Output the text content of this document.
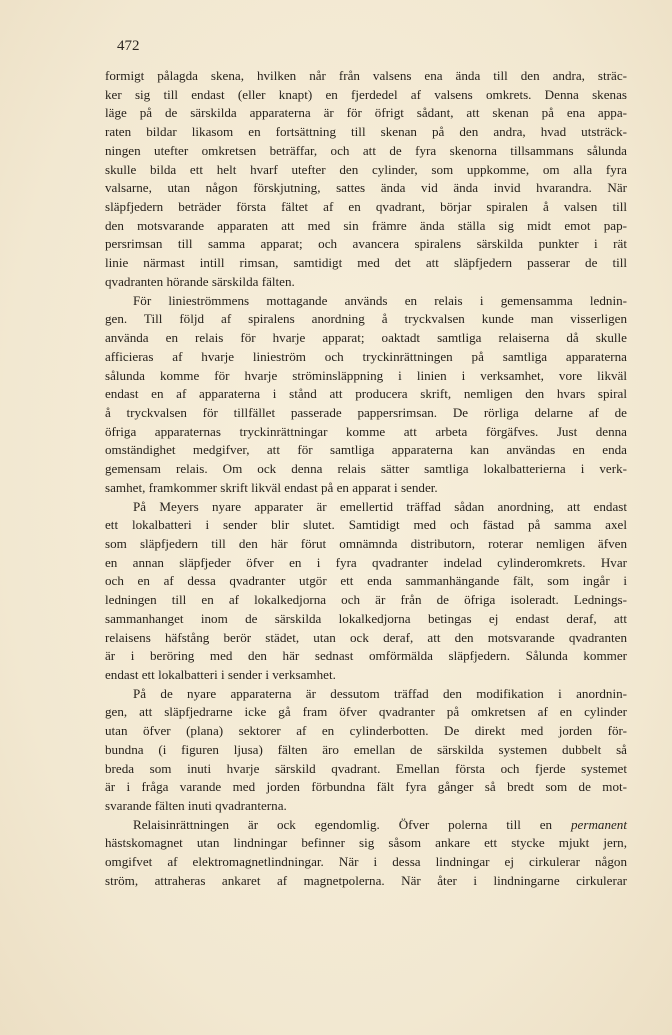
472
formigt pålagda skena, hvilken når från valsens ena ända till den andra, sträc-
ker sig till endast (eller knapt) en fjerdedel af valsens omkrets. Denna skenas
läge på de särskilda apparaterna är för öfrigt sådant, att skenan på ena appa-
raten bildar likasom en fortsättning till skenan på den andra, hvad utsträck-
ningen utefter omkretsen beträffar, och att de fyra skenorna tillsammans sålunda
skulle bilda ett helt hvarf utefter den cylinder, som uppkomme, om alla fyra
valsarne, utan någon förskjutning, sattes ända vid ända invid hvarandra. När
släpfjedern beträder första fältet af en qvadrant, börjar spiralen å valsen till
den motsvarande apparaten att med sin främre ända ställa sig midt emot pap-
persrimsan till samma apparat; och avancera spiralens särskilda punkter i rät
linie närmast intill rimsan, samtidigt med det att släpfjedern passerar de till
qvadranten hörande särskilda fälten.
För linieströmmens mottagande används en relais i gemensamma lednin-
gen. Till följd af spiralens anordning å tryckvalsen kunde man visserligen
använda en relais för hvarje apparat; oaktadt samtliga relaiserna då skulle
afficieras af hvarje linieström och tryckinrättningen på samtliga apparaterna
sålunda komme för hvarje ströminsläppning i linien i verksamhet, vore likväl
endast en af apparaterna i stånd att producera skrift, nemligen den hvars spiral
å tryckvalsen för tillfället passerade pappersrimsan. De rörliga delarne af de
öfriga apparaternas tryckinrättningar komme att arbeta förgäfves. Just denna
omständighet medgifver, att för samtliga apparaterna kan användas en enda
gemensam relais. Om ock denna relais sätter samtliga lokalbatterierna i verk-
samhet, framkommer skrift likväl endast på en apparat i sender.
På Meyers nyare apparater är emellertid träffad sådan anordning, att endast
ett lokalbatteri i sender blir slutet. Samtidigt med och fästad på samma axel
som släpfjedern till den här förut omnämnda distributorn, roterar nemligen äfven
en annan släpfjeder öfver en i fyra qvadranter indelad cylinderomkrets. Hvar
och en af dessa qvadranter utgör ett enda sammanhängande fält, som ingår i
ledningen till en af lokalkedjorna och är från de öfriga isoleradt. Lednings-
sammanhanget inom de särskilda lokalkedjorna betingas ej endast deraf, att
relaisens häfstång berör städet, utan ock deraf, att den motsvarande qvadranten
är i beröring med den här sednast omförmälda släpfjedern. Sålunda kommer
endast ett lokalbatteri i sender i verksamhet.
På de nyare apparaterna är dessutom träffad den modifikation i anordnin-
gen, att släpfjedrarne icke gå fram öfver qvadranter på omkretsen af en cylinder
utan öfver (plana) sektorer af en cylinderbotten. De direkt med jorden för-
bundna (i figuren ljusa) fälten äro emellan de särskilda systemen dubbelt så
breda som inuti hvarje särskild qvadrant. Emellan första och fjerde systemet
är i fråga varande med jorden förbundna fält fyra gånger så bredt som de mot-
svarande fälten inuti qvadranterna.
Relaisinrättningen är ock egendomlig. Öfver polerna till en permanent
hästskomagnet utan lindningar befinner sig såsom ankare ett stycke mjukt jern,
omgifvet af elektromagnetlindningar. När i dessa lindningar ej cirkulerar någon
ström, attraheras ankaret af magnetpolerna. När åter i lindningarne cirkulerar
